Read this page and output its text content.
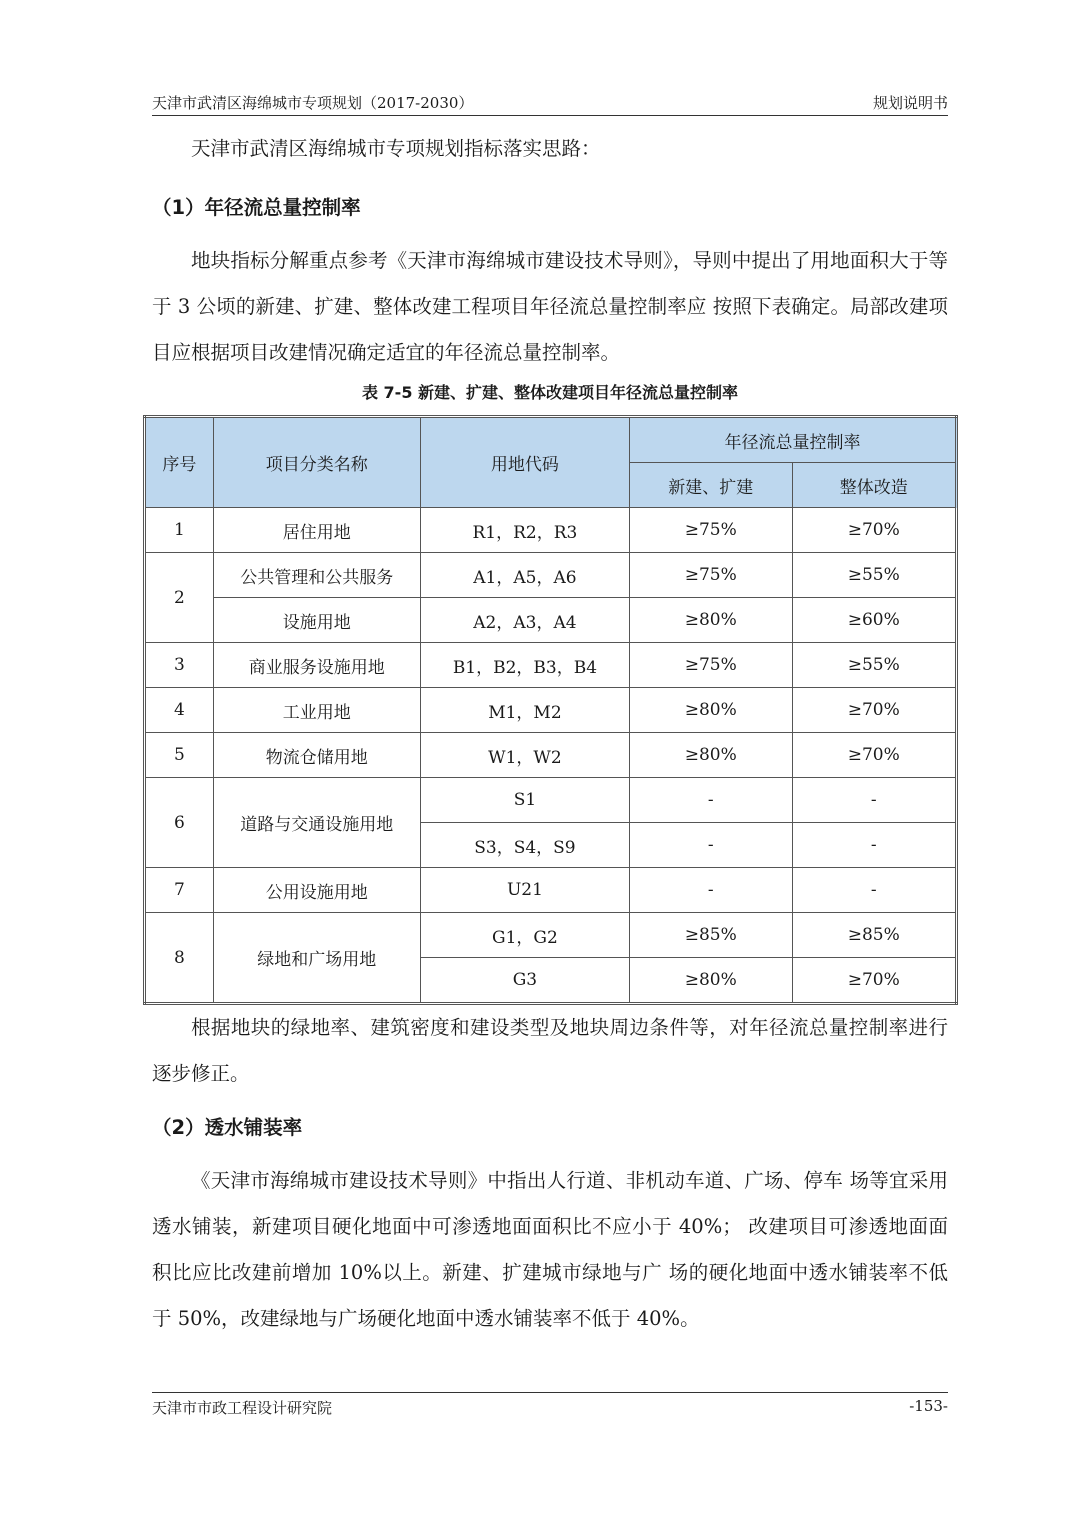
天津市武清区海绵城市专项规划（2017-2030）	规划说明书
天津市武清区海绵城市专项规划指标落实思路：
（1）年径流总量控制率
地块指标分解重点参考《天津市海绵城市建设技术导则》，导则中提出了用地面积大于等于 3 公顷的新建、扩建、整体改建工程项目年径流总量控制率应 按照下表确定。局部改建项目应根据项目改建情况确定适宜的年径流总量控制率。
表 7-5 新建、扩建、整体改建项目年径流总量控制率
序号	项目分类名称	用地代码	年径流总量控制率	
			新建、扩建	整体改造
1	居住用地	R1，R2，R3	≥75%	≥70%
2	公共管理和公共服务	A1，A5，A6	≥75%	≥55%
	设施用地	A2，A3，A4	≥80%	≥60%
3	商业服务设施用地	B1，B2，B3，B4	≥75%	≥55%
4	工业用地	M1，M2	≥80%	≥70%
5	物流仓储用地	W1，W2	≥80%	≥70%
6	道路与交通设施用地	S1	-	-
		S3，S4，S9	-	-
7	公用设施用地	U21	-	-
8	绿地和广场用地	G1，G2	≥85%	≥85%
		G3	≥80%	≥70%
根据地块的绿地率、建筑密度和建设类型及地块周边条件等，对年径流总量控制率进行逐步修正。
（2）透水铺装率
《天津市海绵城市建设技术导则》中指出人行道、非机动车道、广场、停车 场等宜采用透水铺装，新建项目硬化地面中可渗透地面面积比不应小于 40%； 改建项目可渗透地面面积比应比改建前增加 10%以上。新建、扩建城市绿地与广 场的硬化地面中透水铺装率不低于 50%，改建绿地与广场硬化地面中透水铺装率不低于 40%。
天津市市政工程设计研究院	-153-
